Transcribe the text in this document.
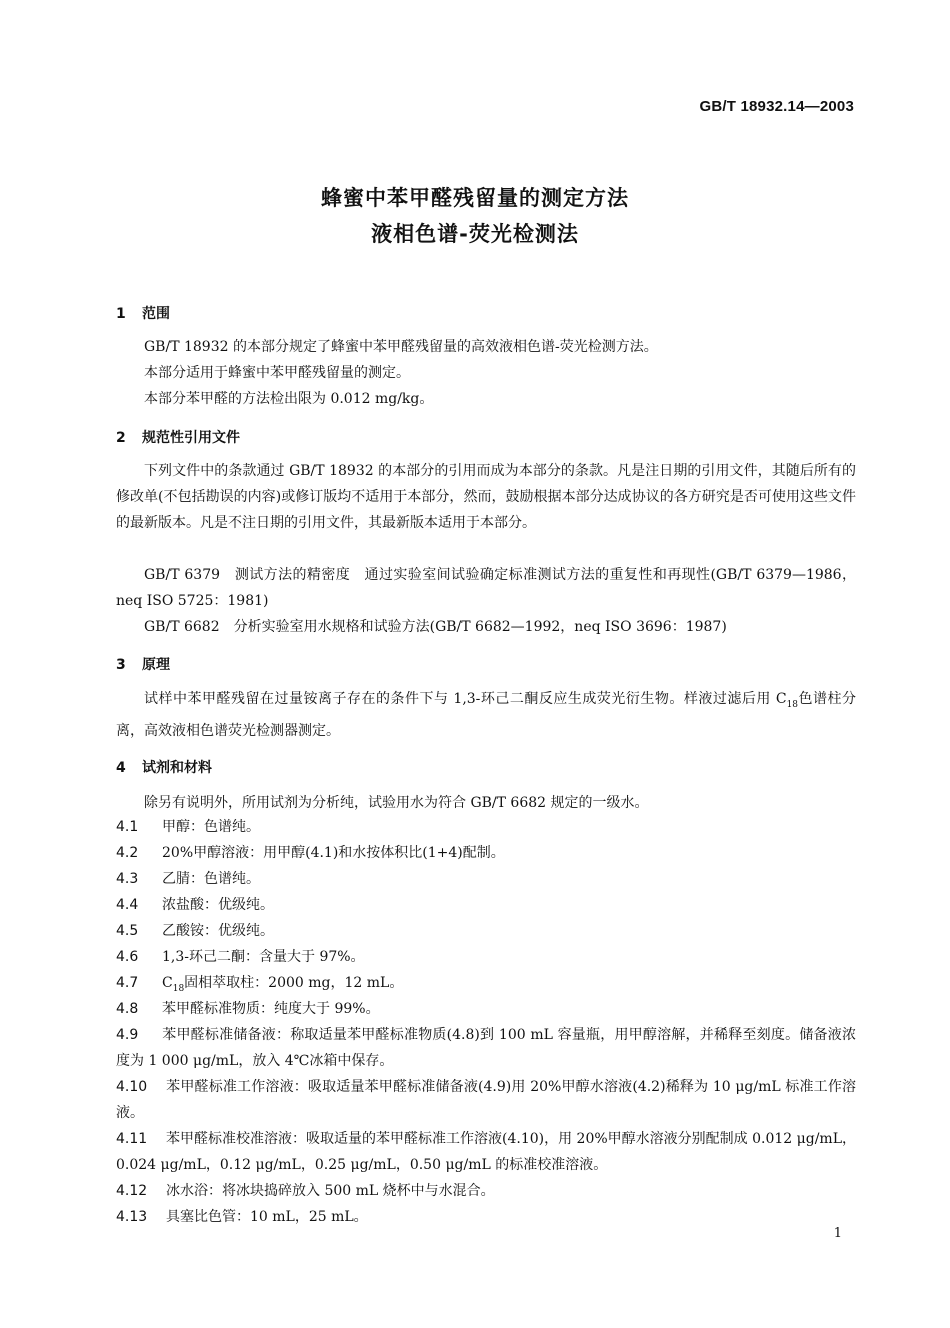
GB/T 18932.14—2003
蜂蜜中苯甲醛残留量的测定方法
液相色谱-荧光检测法
1 范围
GB/T 18932 的本部分规定了蜂蜜中苯甲醛残留量的高效液相色谱-荧光检测方法。
本部分适用于蜂蜜中苯甲醛残留量的测定。
本部分苯甲醛的方法检出限为 0.012 mg/kg。
2 规范性引用文件

下列文件中的条款通过 GB/T 18932 的本部分的引用而成为本部分的条款。凡是注日期的引用文件，其随后所有的修改单(不包括勘误的内容)或修订版均不适用于本部分，然而，鼓励根据本部分达成协议的各方研究是否可使用这些文件的最新版本。凡是不注日期的引用文件，其最新版本适用于本部分。

GB/T 6379　测试方法的精密度　通过实验室间试验确定标准测试方法的重复性和再现性(GB/T 6379—1986，neq ISO 5725：1981)

GB/T 6682　分析实验室用水规格和试验方法(GB/T 6682—1992，neq ISO 3696：1987)

3 原理

试样中苯甲醛残留在过量铵离子存在的条件下与 1,3-环己二酮反应生成荧光衍生物。样液过滤后用 $C_{18}$色谱柱分离，高效液相色谱荧光检测器测定。

4 试剂和材料
除另有说明外，所用试剂为分析纯，试验用水为符合 GB/T 6682 规定的一级水。

4.1 甲醇：色谱纯。

4.2 20%甲醇溶液：用甲醇(4.1)和水按体积比(1+4)配制。

4.3 乙腈：色谱纯。

4.4 浓盐酸：优级纯。

4.5 乙酸铵：优级纯。

4.6 1,3-环己二酮：含量大于 97%。

4.7 $C_{18}$固相萃取柱：2000 mg，12 mL。

4.8 苯甲醛标准物质：纯度大于 99%。

4.9 苯甲醛标准储备液：称取适量苯甲醛标准物质(4.8)到 100 mL 容量瓶，用甲醇溶解，并稀释至刻度。储备液浓度为 1 000 μg/mL，放入 4℃冰箱中保存。

4.10 苯甲醛标准工作溶液：吸取适量苯甲醛标准储备液(4.9)用 20%甲醇水溶液(4.2)稀释为 10 μg/mL 标准工作溶液。

4.11 苯甲醛标准校准溶液：吸取适量的苯甲醛标准工作溶液(4.10)，用 20%甲醇水溶液分别配制成 0.012 μg/mL，0.024 μg/mL，0.12 μg/mL，0.25 μg/mL，0.50 μg/mL 的标准校准溶液。

4.12 冰水浴：将冰块捣碎放入 500 mL 烧杯中与水混合。

4.13 具塞比色管：10 mL，25 mL。

1
